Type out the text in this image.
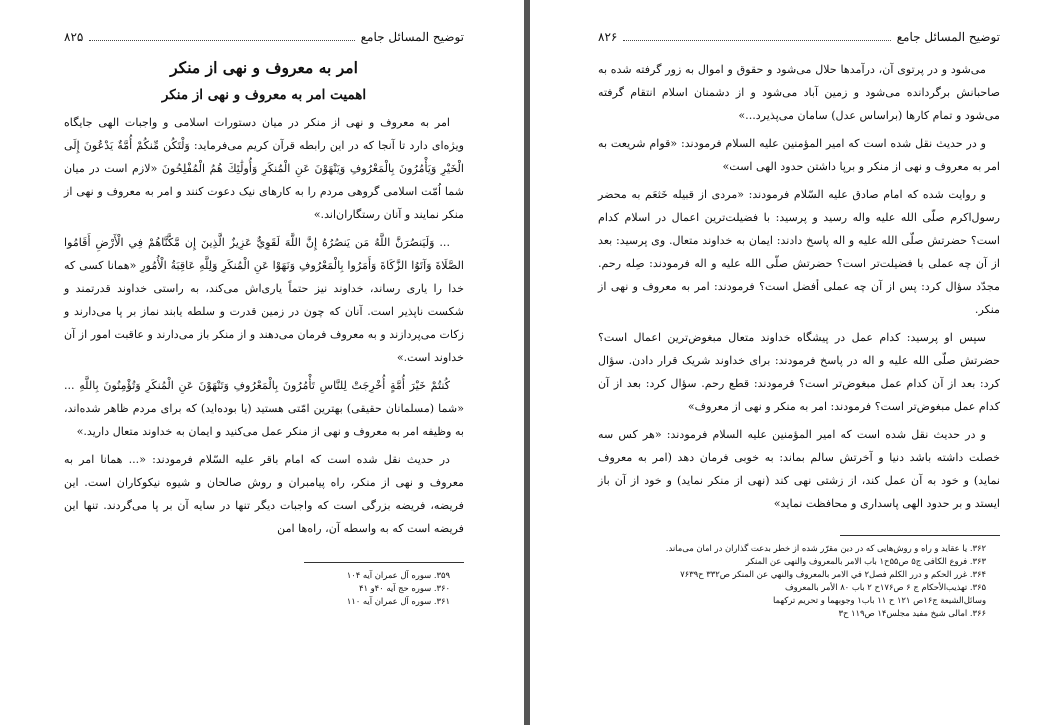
توضیح المسائل جامع
۸۲۵
امر به معروف و نهی از منکر
اهمیت امر به معروف و نهی از منکر

امر به معروف و نهی از منکر در میان دستورات اسلامی و واجبات الهی جایگاه ویژه‌ای دارد تا آنجا که در این رابطه قرآن کریم می‌فرماید: وَلْتَكُن مِّنكُمْ أُمَّةٌ يَدْعُونَ إِلَى الْخَيْرِ وَيَأْمُرُونَ بِالْمَعْرُوفِ وَيَنْهَوْنَ عَنِ الْمُنكَرِ وَأُولَٰئِكَ هُمُ الْمُفْلِحُونَ «لازم است در میان شما اُمّت اسلامی گروهی مردم را به کارهای نیک دعوت کنند و امر به معروف و نهی از منکر نمایند و آنان رستگاران‌اند.»

... وَلَيَنصُرَنَّ اللَّهُ مَن يَنصُرُهُ إِنَّ اللَّهَ لَقَوِيٌّ عَزِيزٌ الَّذِينَ إِن مَّكَّنَّاهُمْ فِي الْأَرْضِ أَقَامُوا الصَّلَاةَ وَآتَوُا الزَّكَاةَ وَأَمَرُوا بِالْمَعْرُوفِ وَنَهَوْا عَنِ الْمُنكَرِ وَلِلَّهِ عَاقِبَةُ الْأُمُورِ «همانا کسی که خدا را یاری رساند، خداوند نیز حتماً یاری‌اش می‌کند، به راستی خداوند قدرتمند و شکست ناپذیر است. آنان که چون در زمین قدرت و سلطه یابند نماز بر پا می‌دارند و زکات می‌پردازند و به معروف فرمان می‌دهند و از منکر باز می‌دارند و عاقبت امور از آن خداوند است.»

كُنتُمْ خَيْرَ أُمَّةٍ أُخْرِجَتْ لِلنَّاسِ تَأْمُرُونَ بِالْمَعْرُوفِ وَتَنْهَوْنَ عَنِ الْمُنكَرِ وَتُؤْمِنُونَ بِاللَّهِ ... «شما (مسلمانان حقیقی) بهترین امّتی هستید (یا بوده‌اید) که برای مردم ظاهر شده‌اند، به وظیفه امر به معروف و نهی از منکر عمل می‌کنید و ایمان به خداوند متعال دارید.»

در حدیث نقل شده است که امام باقر علیه السّلام فرمودند: «... همانا امر به معروف و نهی از منکر، راه پیامبران و روش صالحان و شیوه نیکوکاران است. این فریضه، فریضه بزرگی است که واجبات دیگر تنها در سایه آن بر پا می‌گردند. تنها این فریضه است که به واسطه آن، راه‌ها امن

۳۵۹. سوره آل عمران آیه ۱۰۴

۳۶۰. سوره حج آیه ۴۰و ۴۱

۳۶۱. سوره آل عمران آیه ۱۱۰

توضیح المسائل جامع
۸۲۶

می‌شود و در پرتوی آن، درآمدها حلال می‌شود و حقوق و اموال به زور گرفته شده به صاحبانش برگردانده می‌شود و زمین آباد می‌شود و از دشمنان اسلام انتقام گرفته می‌شود و تمام کارها (براساس عدل) سامان می‌پذیرد...»

و در حدیث نقل شده است که امیر المؤمنین علیه السلام فرمودند: «قوام شریعت به امر به معروف و نهی از منکر و برپا داشتن حدود الهی است»

و روایت شده که امام صادق علیه السّلام فرمودند: «مردی از قبیله خَثعَم به محضر رسول‌اکرم صلّی الله علیه واله رسید و پرسید: با فضیلت‌ترین اعمال در اسلام کدام است؟ حضرتش صلّی الله علیه و اله پاسخ دادند: ایمان به خداوند متعال. وی پرسید: بعد از آن چه عملی با فضیلت‌تر است؟ حضرتش صلّی الله علیه و اله فرمودند: صِله رحم. مجدّد سؤال کرد: پس از آن چه عملی أفضل است؟ فرمودند: امر به معروف و نهی از منکر.

سپس او پرسید: کدام عمل در پیشگاه خداوند متعال مبغوض‌ترین اعمال است؟ حضرتش صلّی الله علیه و اله در پاسخ فرمودند: برای خداوند شریک قرار دادن. سؤال کرد: بعد از آن کدام عمل مبغوض‌تر است؟ فرمودند: قطع رحم. سؤال کرد: بعد از آن کدام عمل مبغوض‌تر است؟ فرمودند: امر به منکر و نهی از معروف»

و در حدیث نقل شده است که امیر المؤمنین علیه السلام فرمودند: «هر کس سه خصلت داشته باشد دنیا و آخرتش سالم بماند: به خوبی فرمان دهد (امر به معروف نماید) و خود به آن عمل کند، از زشتی نهی کند (نهی از منکر نماید) و خود از آن باز ایستد و بر حدود الهی پاسداری و محافظت نماید»

۳۶۲. یا عقاید و راه و روش‌هایی که در دین مقرّر شده از خطر بدعت گذاران در امان می‌ماند.

۳۶۳. فروع الکافی ج۵ ص۵۵ح۱ باب الامر بالمعروف والنهی عن المنکر

۳۶۴. غرر الحکم و درر الکلم فصل۲ في الامر بالمعروف والنهي عن المنكر ص۳۳۲ ح۷۶۳۹

۳۶۵. تهذیب‌الأحکام ج ۶ ص۱۷۶ح ۲ باب ۸۰ الأمر بالمعروف

وسائل‌الشیعة ج۱۶ص ۱۲۱ ح ۱۱ باب۱ وجوبهما و تحریم ترکهما

۳۶۶. امالی شیخ مفید مجلس۱۴ ص۱۱۹ ح۳
